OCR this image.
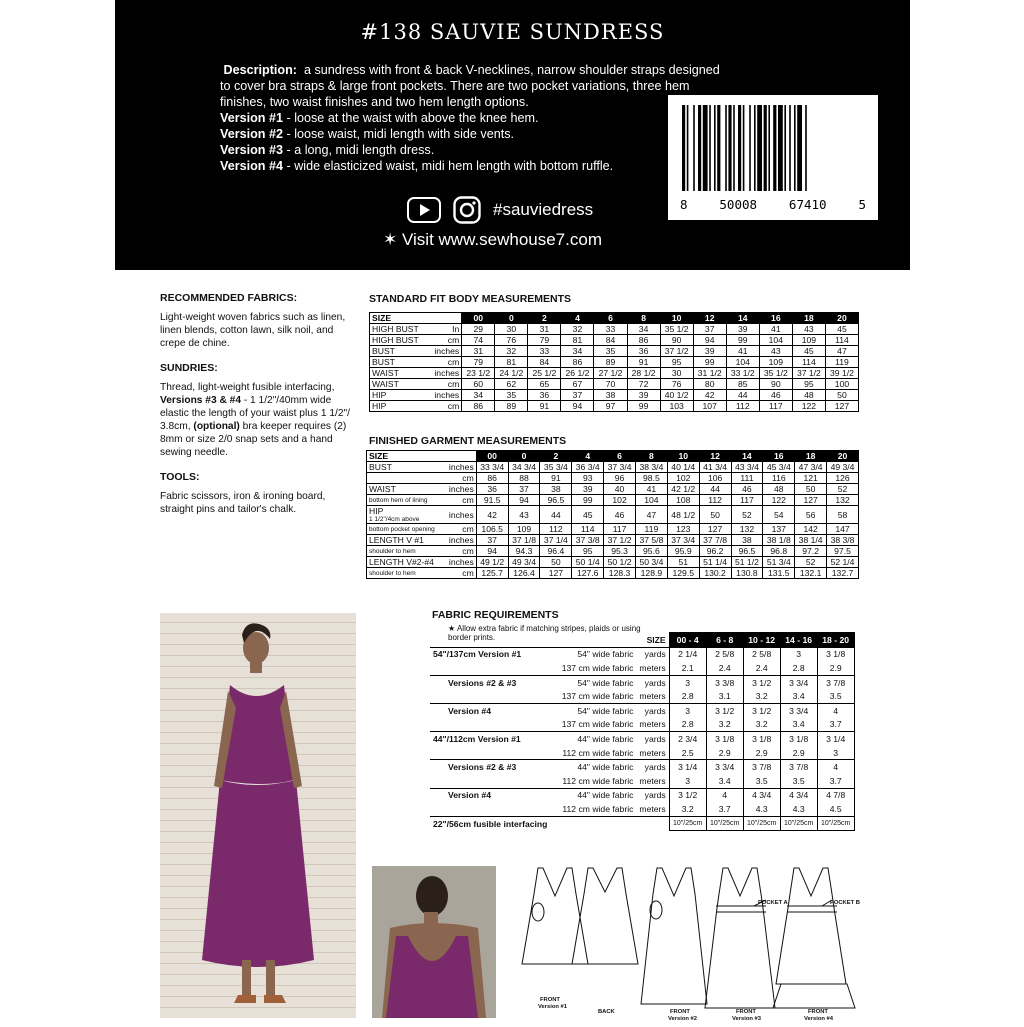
#138 SAUVIE SUNDRESS
Description: a sundress with front & back V-necklines, narrow shoulder straps designed to cover bra straps & large front pockets. There are two pocket variations, three hem finishes, two waist finishes and two hem length options.
Version #1 - loose at the waist with above the knee hem.
Version #2 - loose waist, midi length with side vents.
Version #3 - a long, midi length dress.
Version #4 - wide elasticized waist, midi hem length with bottom ruffle.
8	50008	67410	5
#sauviedress
✶ Visit www.sewhouse7.com
RECOMMENDED FABRICS:

Light-weight woven fabrics such as linen, linen blends, cotton lawn, silk noil, and crepe de chine.

SUNDRIES:

Thread, light-weight fusible interfacing, Versions #3 & #4 - 1 1/2"/40mm wide elastic the length of your waist plus 1 1/2"/ 3.8cm, (optional) bra keeper requires (2) 8mm or size 2/0 snap sets and a hand sewing needle.

TOOLS:

Fabric scissors, iron & ironing board, straight pins and tailor's chalk.

STANDARD FIT BODY MEASUREMENTS
SIZE		00	0	2	4	6	8	10	12	14	16	18	20
HIGH BUST	In	29	30	31	32	33	34	35 1/2	37	39	41	43	45
HIGH BUST	cm	74	76	79	81	84	86	90	94	99	104	109	114
BUST	inches	31	32	33	34	35	36	37 1/2	39	41	43	45	47
BUST	cm	79	81	84	86	89	91	95	99	104	109	114	119
WAIST	inches	23 1/2	24 1/2	25 1/2	26 1/2	27 1/2	28 1/2	30	31 1/2	33 1/2	35 1/2	37 1/2	39 1/2
WAIST	cm	60	62	65	67	70	72	76	80	85	90	95	100
HIP	inches	34	35	36	37	38	39	40 1/2	42	44	46	48	50
HIP	cm	86	89	91	94	97	99	103	107	112	117	122	127
FINISHED GARMENT MEASUREMENTS
SIZE		00	0	2	4	6	8	10	12	14	16	18	20
BUST	inches	33 3/4	34 3/4	35 3/4	36 3/4	37 3/4	38 3/4	40 1/4	41 3/4	43 3/4	45 3/4	47 3/4	49 3/4
	cm	86	88	91	93	96	98.5	102	106	111	116	121	126
WAIST	inches	36	37	38	39	40	41	42 1/2	44	46	48	50	52

bottom hem of lining	cm	91.5	94	96.5	99	102	104	108	112	117	122	127	132
HIP
1 1/2"/4cm above	inches	42	43	44	45	46	47	48 1/2	50	52	54	56	58

bottom pocket opening	cm	106.5	109	112	114	117	119	123	127	132	137	142	147
LENGTH V #1	inches	37	37 1/8	37 1/4	37 3/8	37 1/2	37 5/8	37 3/4	37 7/8	38	38 1/8	38 1/4	38 3/8

shoulder to hem	cm	94	94.3	96.4	95	95.3	95.6	95.9	96.2	96.5	96.8	97.2	97.5
LENGTH V#2-#4	inches	49 1/2	49 3/4	50	50 1/4	50 1/2	50 3/4	51	51 1/4	51 1/2	51 3/4	52	52 1/4

shoulder to hem	cm	125.7	126.4	127	127.6	128.3	128.9	129.5	130.2	130.8	131.5	132.1	132.7
FABRIC REQUIREMENTS
★ Allow extra fabric if matching stripes, plaids or using border prints.
			SIZE	00 - 4	6 - 8	10 - 12	14 - 16	18 - 20
54"/137cm Version #1	54" wide fabric	yards	2 1/4	2 5/8	2 5/8	3	3 1/8
	137 cm wide fabric	meters	2.1	2.4	2.4	2.8	2.9
Versions #2 & #3	54" wide fabric	yards	3	3 3/8	3 1/2	3 3/4	3 7/8
	137 cm wide fabric	meters	2.8	3.1	3.2	3.4	3.5
Version #4	54" wide fabric	yards	3	3 1/2	3 1/2	3 3/4	4
	137 cm wide fabric	meters	2.8	3.2	3.2	3.4	3.7
44"/112cm Version #1	44" wide fabric	yards	2 3/4	3 1/8	3 1/8	3 1/8	3 1/4
	112 cm wide fabric	meters	2.5	2.9	2.9	2.9	3
Versions #2 & #3	44" wide fabric	yards	3 1/4	3 3/4	3 7/8	3 7/8	4
	112 cm wide fabric	meters	3	3.4	3.5	3.5	3.7
Version #4	44" wide fabric	yards	3 1/2	4	4 3/4	4 3/4	4 7/8
	112 cm wide fabric	meters	3.2	3.7	4.3	4.3	4.5
22"/56cm fusible interfacing			10"/25cm	10"/25cm	10"/25cm	10"/25cm	10"/25cm
FRONT
Version #1
BACK	FRONT
Version #2
FRONT
Version #3
FRONT
Version #4
POCKET A	POCKET B
